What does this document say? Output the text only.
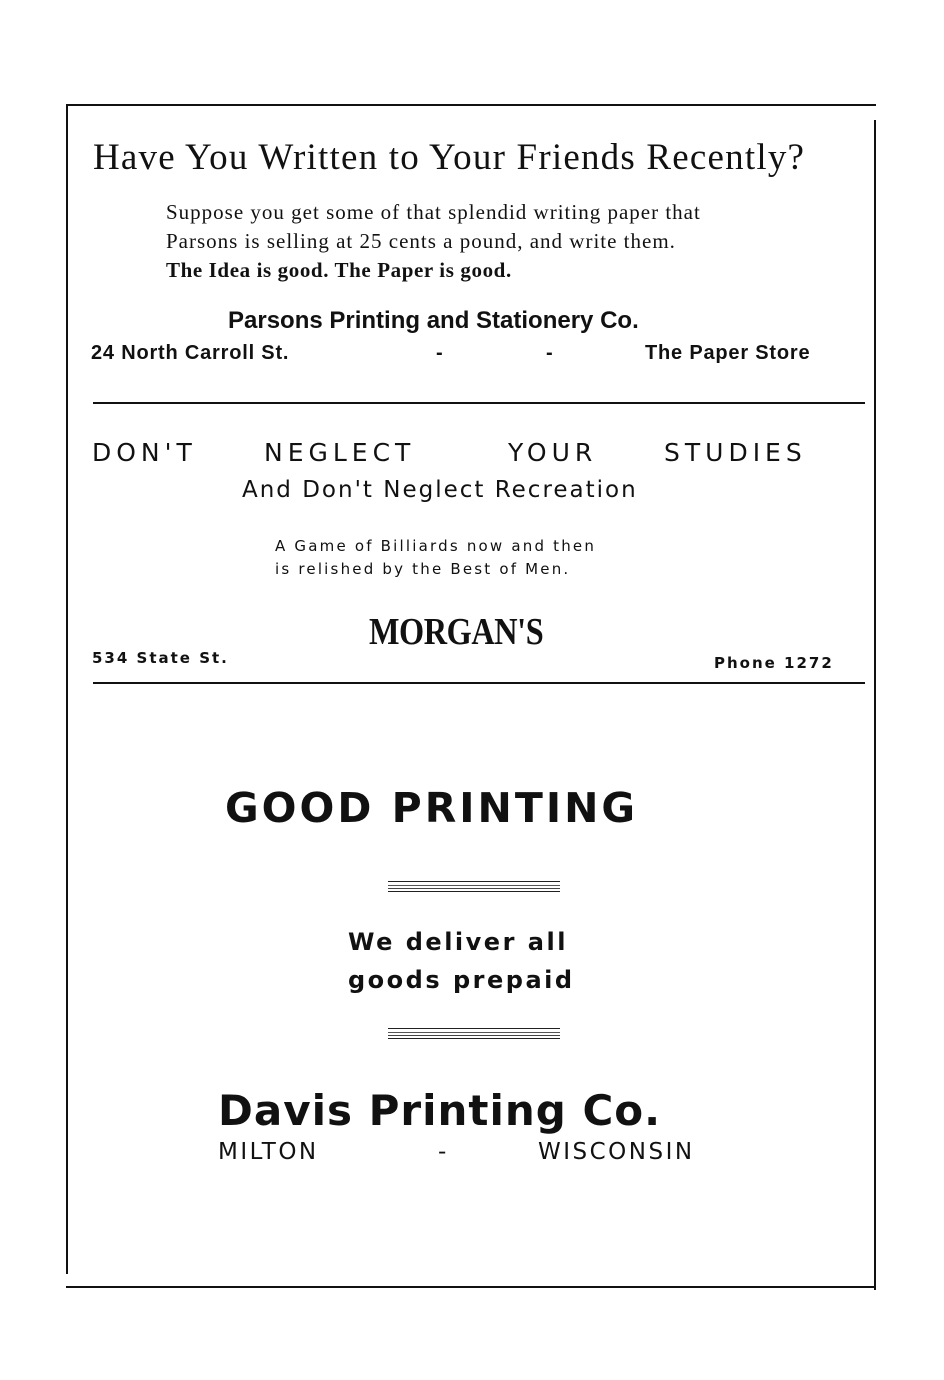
Have You Written to Your Friends Recently?
Suppose you get some of that splendid writing paper that
Parsons is selling at 25 cents a pound, and write them.
The Idea is good. The Paper is good.
Parsons Printing and Stationery Co.
24 North Carroll St.	-	-	The Paper Store
DON'T	NEGLECT	YOUR	STUDIES
And Don't Neglect Recreation
A Game of Billiards now and then
is relished by the Best of Men.
MORGAN'S
534 State St.	Phone 1272
GOOD PRINTING
We deliver all
goods prepaid
Davis Printing Co.
MILTON	-	WISCONSIN
